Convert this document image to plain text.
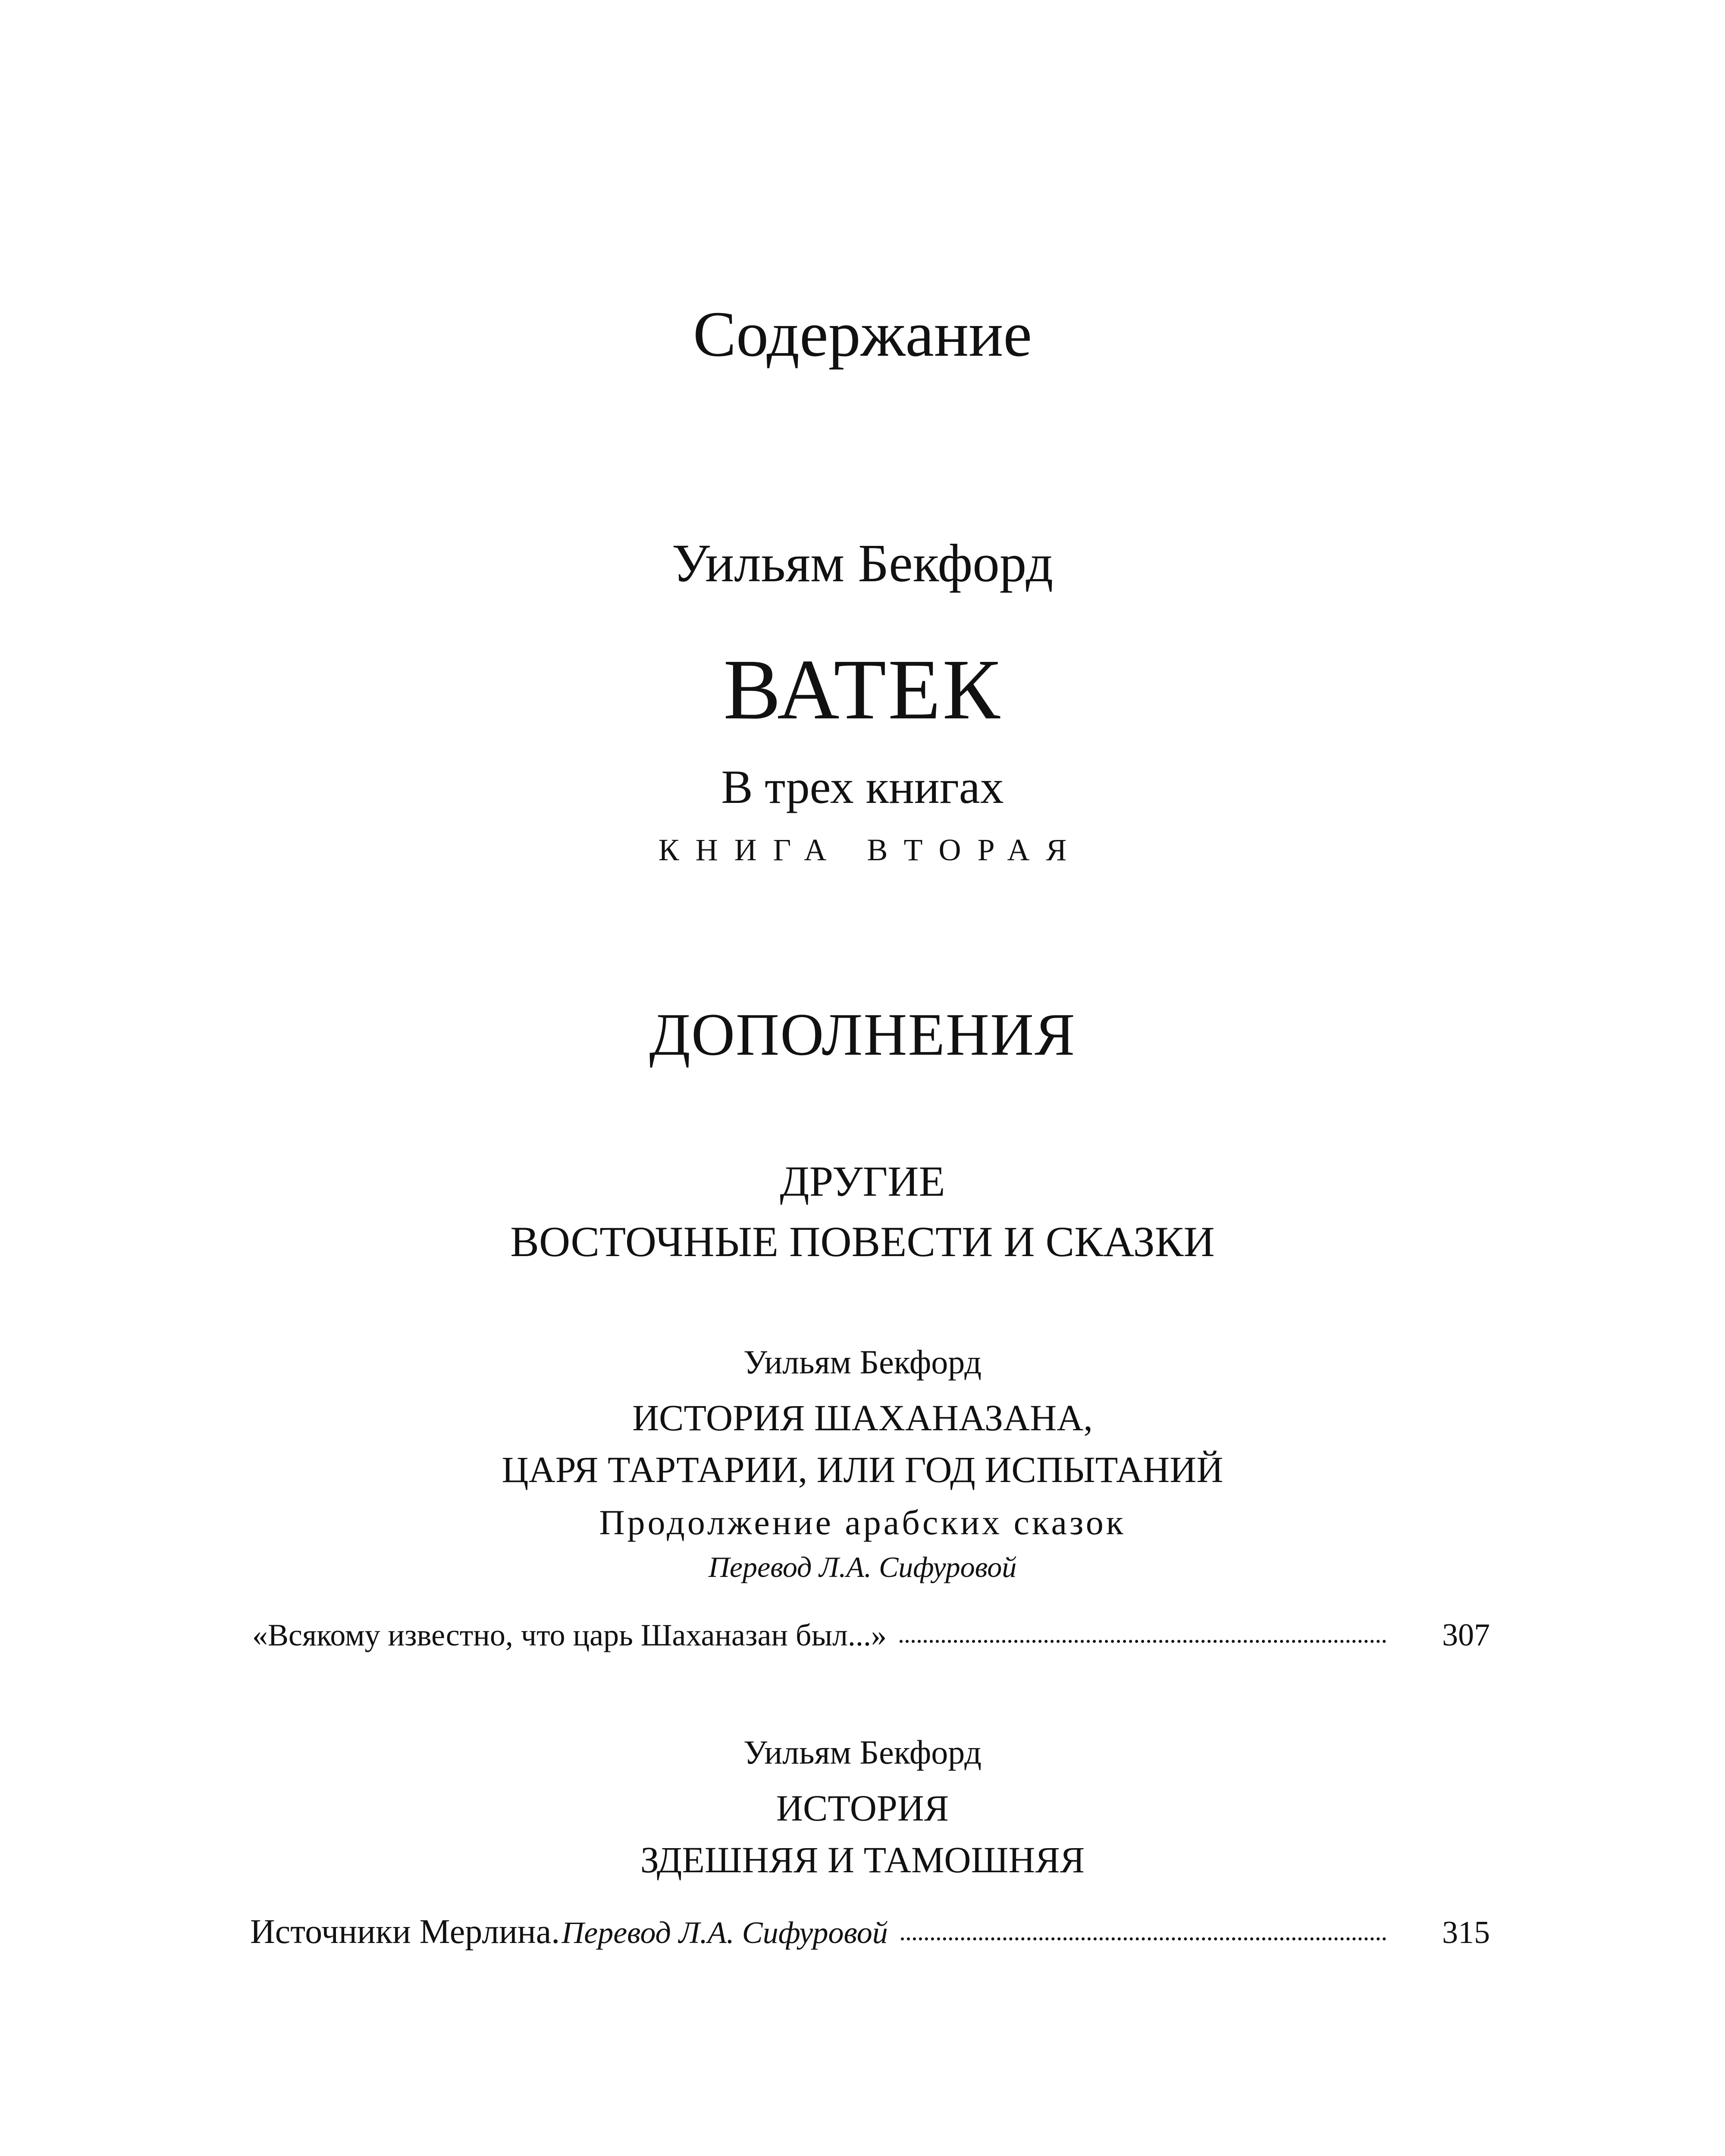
Содержание
Уильям Бекфорд
ВАТЕК
В трех книгах
КНИГА ВТОРАЯ
ДОПОЛНЕНИЯ
ДРУГИЕ
ВОСТОЧНЫЕ ПОВЕСТИ И СКАЗКИ
Уильям Бекфорд
ИСТОРИЯ ШАХАНАЗАНА,
ЦАРЯ ТАРТАРИИ, ИЛИ ГОД ИСПЫТАНИЙ
Продолжение арабских сказок
Перевод Л.А. Сифуровой
«Всякому известно, что царь Шаханазан был...»	307
Уильям Бекфорд
ИСТОРИЯ
ЗДЕШНЯЯ И ТАМОШНЯЯ
Источники Мерлина.
Перевод Л.А. Сифуровой	315
